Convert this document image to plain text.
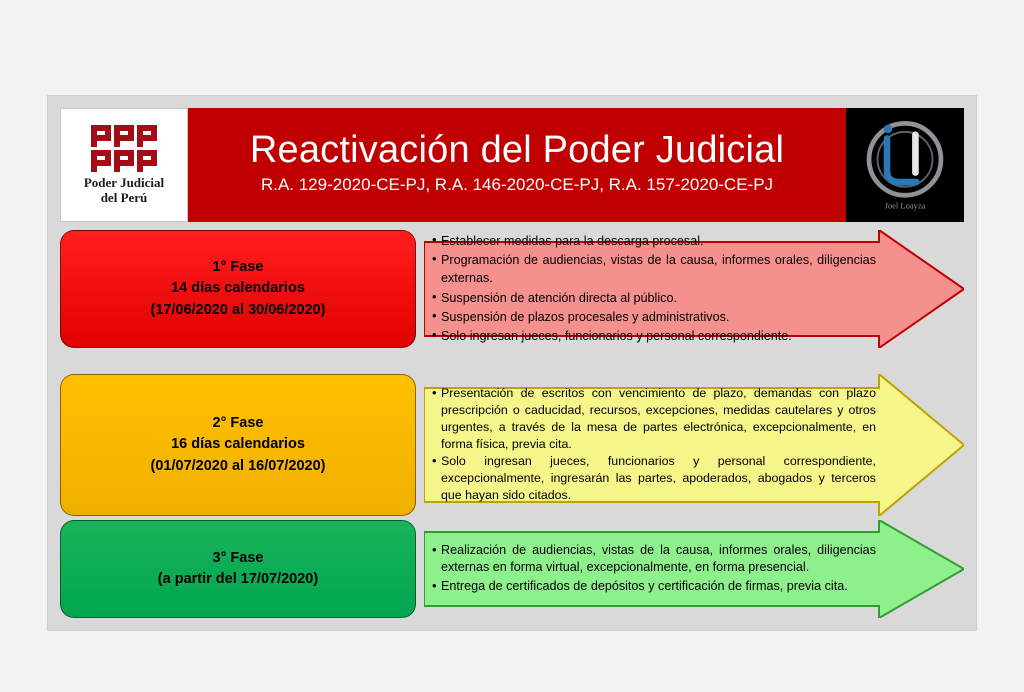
Poder Judicial
del Perú
Reactivación del Poder Judicial
R.A. 129-2020-CE-PJ, R.A. 146-2020-CE-PJ, R.A. 157-2020-CE-PJ
Joel Loayza
1° Fase
14 días calendarios
(17/06/2020 al 30/06/2020)
• Establecer medidas para la descarga procesal.
• Programación de audiencias, vistas de la causa, informes orales, diligencias externas.
• Suspensión de atención directa al público.
• Suspensión de plazos procesales y administrativos.
• Solo ingresan jueces, funcionarios y personal correspondiente.
2° Fase
16 días calendarios
(01/07/2020 al 16/07/2020)
• Presentación de escritos con vencimiento de plazo, demandas con plazo prescripción o caducidad, recursos, excepciones, medidas cautelares y otros urgentes, a través de la mesa de partes electrónica, excepcionalmente, en forma física, previa cita.
• Solo ingresan jueces, funcionarios y personal correspondiente, excepcionalmente, ingresarán las partes, apoderados, abogados y terceros que hayan sido citados.
3° Fase
(a partir del 17/07/2020)
• Realización de audiencias, vistas de la causa, informes orales, diligencias externas en forma virtual, excepcionalmente, en forma presencial.
• Entrega de certificados de depósitos y certificación de firmas, previa cita.
